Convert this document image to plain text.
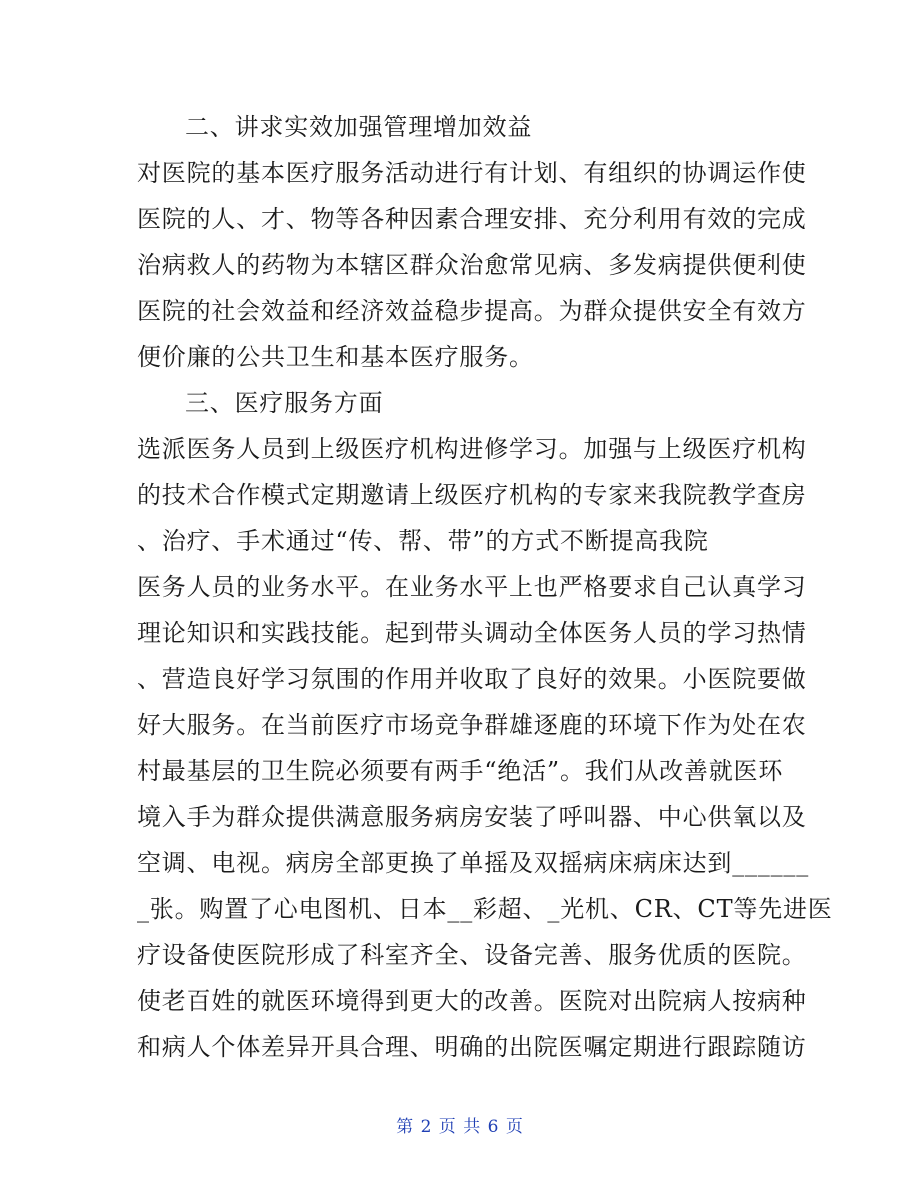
二、讲求实效加强管理增加效益
对医院的基本医疗服务活动进行有计划、有组织的协调运作使
医院的人、才、物等各种因素合理安排、充分利用有效的完成
治病救人的药物为本辖区群众治愈常见病、多发病提供便利使
医院的社会效益和经济效益稳步提高。为群众提供安全有效方
便价廉的公共卫生和基本医疗服务。
三、医疗服务方面
选派医务人员到上级医疗机构进修学习。加强与上级医疗机构
的技术合作模式定期邀请上级医疗机构的专家来我院教学查房
、治疗、手术通过“传、帮、带”的方式不断提高我院
医务人员的业务水平。在业务水平上也严格要求自己认真学习
理论知识和实践技能。起到带头调动全体医务人员的学习热情
、营造良好学习氛围的作用并收取了良好的效果。小医院要做
好大服务。在当前医疗市场竞争群雄逐鹿的环境下作为处在农
村最基层的卫生院必须要有两手“绝活”。我们从改善就医环
境入手为群众提供满意服务病房安装了呼叫器、中心供氧以及
空调、电视。病房全部更换了单摇及双摇病床病床达到______
_张。购置了心电图机、日本__彩超、_光机、CR、CT等先进医
疗设备使医院形成了科室齐全、设备完善、服务优质的医院。
使老百姓的就医环境得到更大的改善。医院对出院病人按病种
和病人个体差异开具合理、明确的出院医嘱定期进行跟踪随访
第 2 页 共 6 页
